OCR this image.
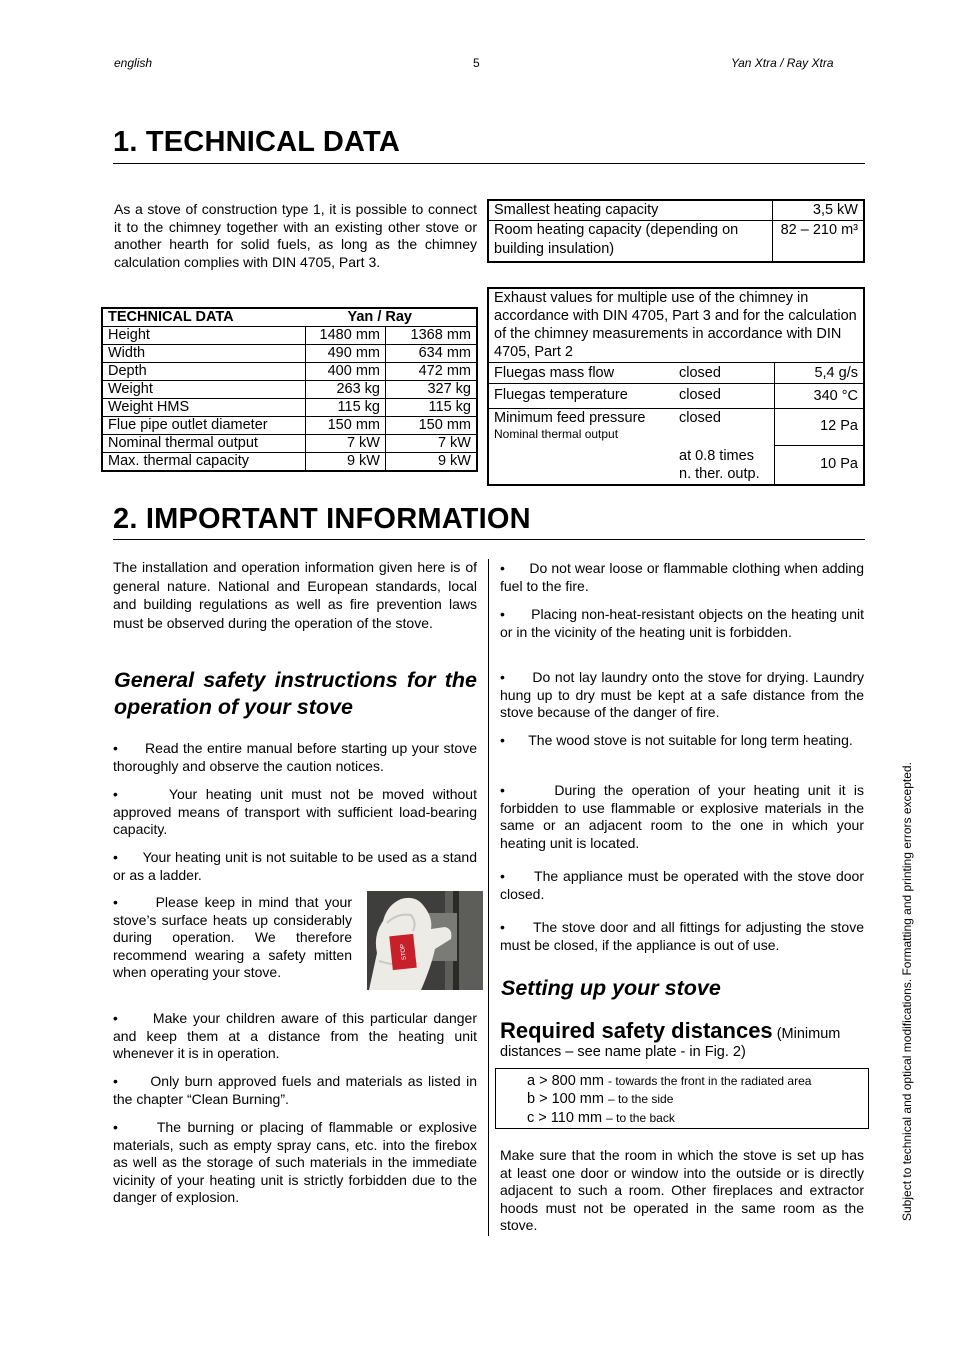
english	5	Yan Xtra / Ray Xtra
1. TECHNICAL DATA
As a stove of construction type 1, it is possible to connect it to the chimney together with an existing other stove or another hearth for solid fuels, as long as the chimney calculation complies with DIN 4705, Part 3.
TECHNICAL DATA	Yan / Ray	
Height	1480 mm	1368 mm
Width	490 mm	634 mm
Depth	400 mm	472 mm
Weight	263 kg	327 kg
Weight HMS	115 kg	115 kg
Flue pipe outlet diameter	150 mm	150 mm
Nominal thermal output	7 kW	7 kW
Max. thermal capacity	9 kW	9 kW
Smallest heating capacity	3,5 kW
Room heating capacity (depending on building insulation)	82 – 210 m³
Exhaust values for multiple use of the chimney in accordance with DIN 4705, Part 3 and for the calculation of the chimney measurements in accordance with DIN 4705, Part 2		
Fluegas mass flow	closed	5,4 g/s
Fluegas temperature	closed	340 °C

Minimum feed pressure
Nominal thermal output	closed	12 Pa
	at 0.8 times n. ther. outp.	10 Pa
2. IMPORTANT INFORMATION
The installation and operation information given here is of general nature. National and European standards, local and building regulations as well as fire prevention laws must be observed during the operation of the stove.
General safety instructions for the operation of your stove
•      Read the entire manual before starting up your stove thoroughly and observe the caution notices.
•      Your heating unit must not be moved without approved means of transport with sufficient load-bearing capacity.
•      Your heating unit is not suitable to be used as a stand or as a ladder.
•      Please keep in mind that your stove’s surface heats up considerably during operation. We therefore recommend wearing a safety mitten when operating your stove.
STOP
•      Make your children aware of this particular danger and keep them at a distance from the heating unit whenever it is in operation.
•      Only burn approved fuels and materials as listed in the chapter “Clean Burning”.
•      The burning or placing of flammable or explosive materials, such as empty spray cans, etc. into the firebox as well as the storage of such materials in the immediate vicinity of your heating unit is strictly forbidden due to the danger of explosion.
•      Do not wear loose or flammable clothing when adding fuel to the fire.
•      Placing non-heat-resistant objects on the heating unit or in the vicinity of the heating unit is forbidden.
•      Do not lay laundry onto the stove for drying. Laundry hung up to dry must be kept at a safe distance from the stove because of the danger of fire.
•      The wood stove is not suitable for long term heating.
•      During the operation of your heating unit it is forbidden to use flammable or explosive materials in the same or an adjacent room to the one in which your heating unit is located.
•      The appliance must be operated with the stove door closed.
•      The stove door and all fittings for adjusting the stove must be closed, if the appliance is out of use.
Setting up your stove
Required safety distances (Minimum distances – see name plate - in Fig. 2)
a > 800 mm - towards the front in the radiated area
b > 100 mm – to the side
c > 110 mm – to the back
Make sure that the room in which the stove is set up has at least one door or window into the outside or is directly adjacent to such a room. Other fireplaces and extractor hoods must not be operated in the same room as the stove.
Subject to technical and optical modifications. Formatting and printing errors excepted.
